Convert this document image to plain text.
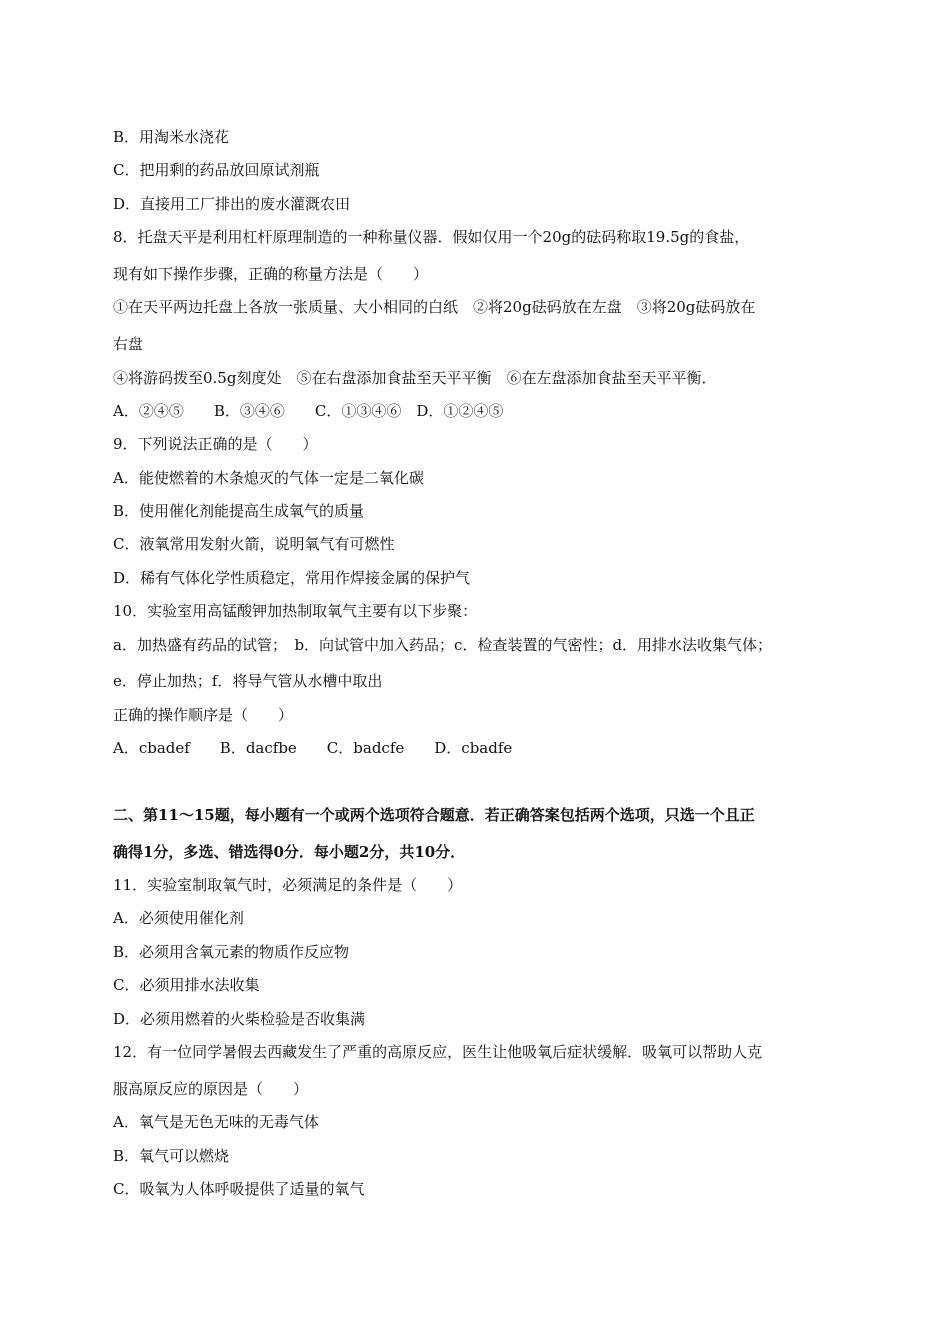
B．用淘米水浇花
C．把用剩的药品放回原试剂瓶
D．直接用工厂排出的废水灌溉农田
8．托盘天平是利用杠杆原理制造的一种称量仪器．假如仅用一个20g的砝码称取19.5g的食盐，
现有如下操作步骤，正确的称量方法是（　　）
①在天平两边托盘上各放一张质量、大小相同的白纸　②将20g砝码放在左盘　③将20g砝码放在
右盘
④将游码拨至0.5g刻度处　⑤在右盘添加食盐至天平平衡　⑥在左盘添加食盐至天平平衡．
A．②④⑤　　B．③④⑥　　C．①③④⑥　D．①②④⑤
9．下列说法正确的是（　　）
A．能使燃着的木条熄灭的气体一定是二氧化碳
B．使用催化剂能提高生成氧气的质量
C．液氧常用发射火箭，说明氧气有可燃性
D．稀有气体化学性质稳定，常用作焊接金属的保护气
10．实验室用高锰酸钾加热制取氧气主要有以下步聚：
a．加热盛有药品的试管；　b．向试管中加入药品；c．检查装置的气密性；d．用排水法收集气体；
e．停止加热；f．将导气管从水槽中取出
正确的操作顺序是（　　）
A．cbadef　　B．dacfbe　　C．badcfe　　D．cbadfe
二、第11～15题，每小题有一个或两个选项符合题意．若正确答案包括两个选项，只选一个且正
确得1分，多选、错选得0分．每小题2分，共10分．
11．实验室制取氧气时，必须满足的条件是（　　）
A．必须使用催化剂
B．必须用含氧元素的物质作反应物
C．必须用排水法收集
D．必须用燃着的火柴检验是否收集满
12．有一位同学暑假去西藏发生了严重的高原反应，医生让他吸氧后症状缓解．吸氧可以帮助人克
服高原反应的原因是（　　）
A．氧气是无色无味的无毒气体
B．氧气可以燃烧
C．吸氧为人体呼吸提供了适量的氧气
